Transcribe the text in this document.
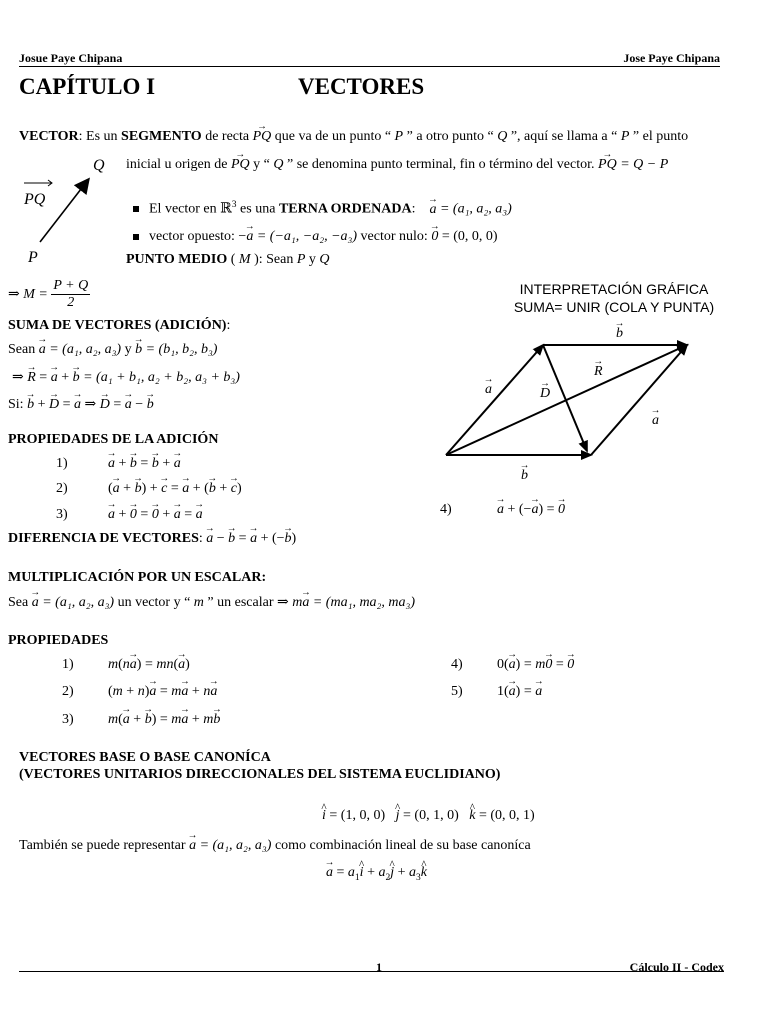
Josue Paye Chipana	Jose Paye Chipana
CAPÍTULO I	VECTORES
VECTOR: Es un SEGMENTO de recta → PQ que va de un punto “ P ” a otro punto “ Q ”, aquí se llama a “ P ” el punto
inicial u origen de → PQ y “ Q ” se denomina punto terminal, fin o término del vector. → PQ = Q − P
Q
P
PQ
El vector en ℝ$^3$ es una TERNA ORDENADA: → a = (a₁, a₂, a₃)
vector opuesto: −→ a = (−a₁, −a₂, −a₃) vector nulo: → 0 = (0, 0, 0)
PUNTO MEDIO ( M ): Sean P y Q
⇒ $M = \frac{P + Q}{2}$
SUMA DE VECTORES (ADICIÓN):
Sean → a = (a₁, a₂, a₃) y → b = (b₁, b₂, b₃)
⇒ → R = → a + → b = (a₁ + b₁, a₂ + b₂, a₃ + b₃)
Si: → b + → D = → a ⇒ → D = → a − → b
INTERPRETACIÓN GRÁFICA
SUMA= UNIR (COLA Y PUNTA)
→ b
→ R
→ a	→ D
→ a
→ b
PROPIEDADES DE LA ADICIÓN
1)	→ a + → b = → b + → a
2)	(→ a + → b) + → c = → a + (→ b + → c)
3)	→ a + → 0 = → 0 + → a = → a	4)	→ a + (−→ a) = → 0
DIFERENCIA DE VECTORES: → a − → b = → a + (−→ b)
MULTIPLICACIÓN POR UN ESCALAR:
Sea → a = (a₁, a₂, a₃) un vector y “ m ” un escalar ⇒ m→ a = (ma₁, ma₂, ma₃)
PROPIEDADES
1) m(n→ a) = mn(→ a)
2) (m + n)→ a = m→ a + n→ a
3) m(→ a + → b) = m→ a + m→ b
4) 0(→ a) = m→ 0 = → 0
5) 1(→ a) = → a
VECTORES BASE O BASE CANONÍCA
(VECTORES UNITARIOS DIRECCIONALES DEL SISTEMA EUCLIDIANO)
^ i = (1, 0, 0)   ^ j = (0, 1, 0)   ^ k = (0, 0, 1)
También se puede representar → a = (a₁, a₂, a₃) como combinación lineal de su base canoníca
→ $a = a_1\^{}$ $i + a_2\^{}$ $j + a_3\^{}$ k
1	Cálculo II - Codex
